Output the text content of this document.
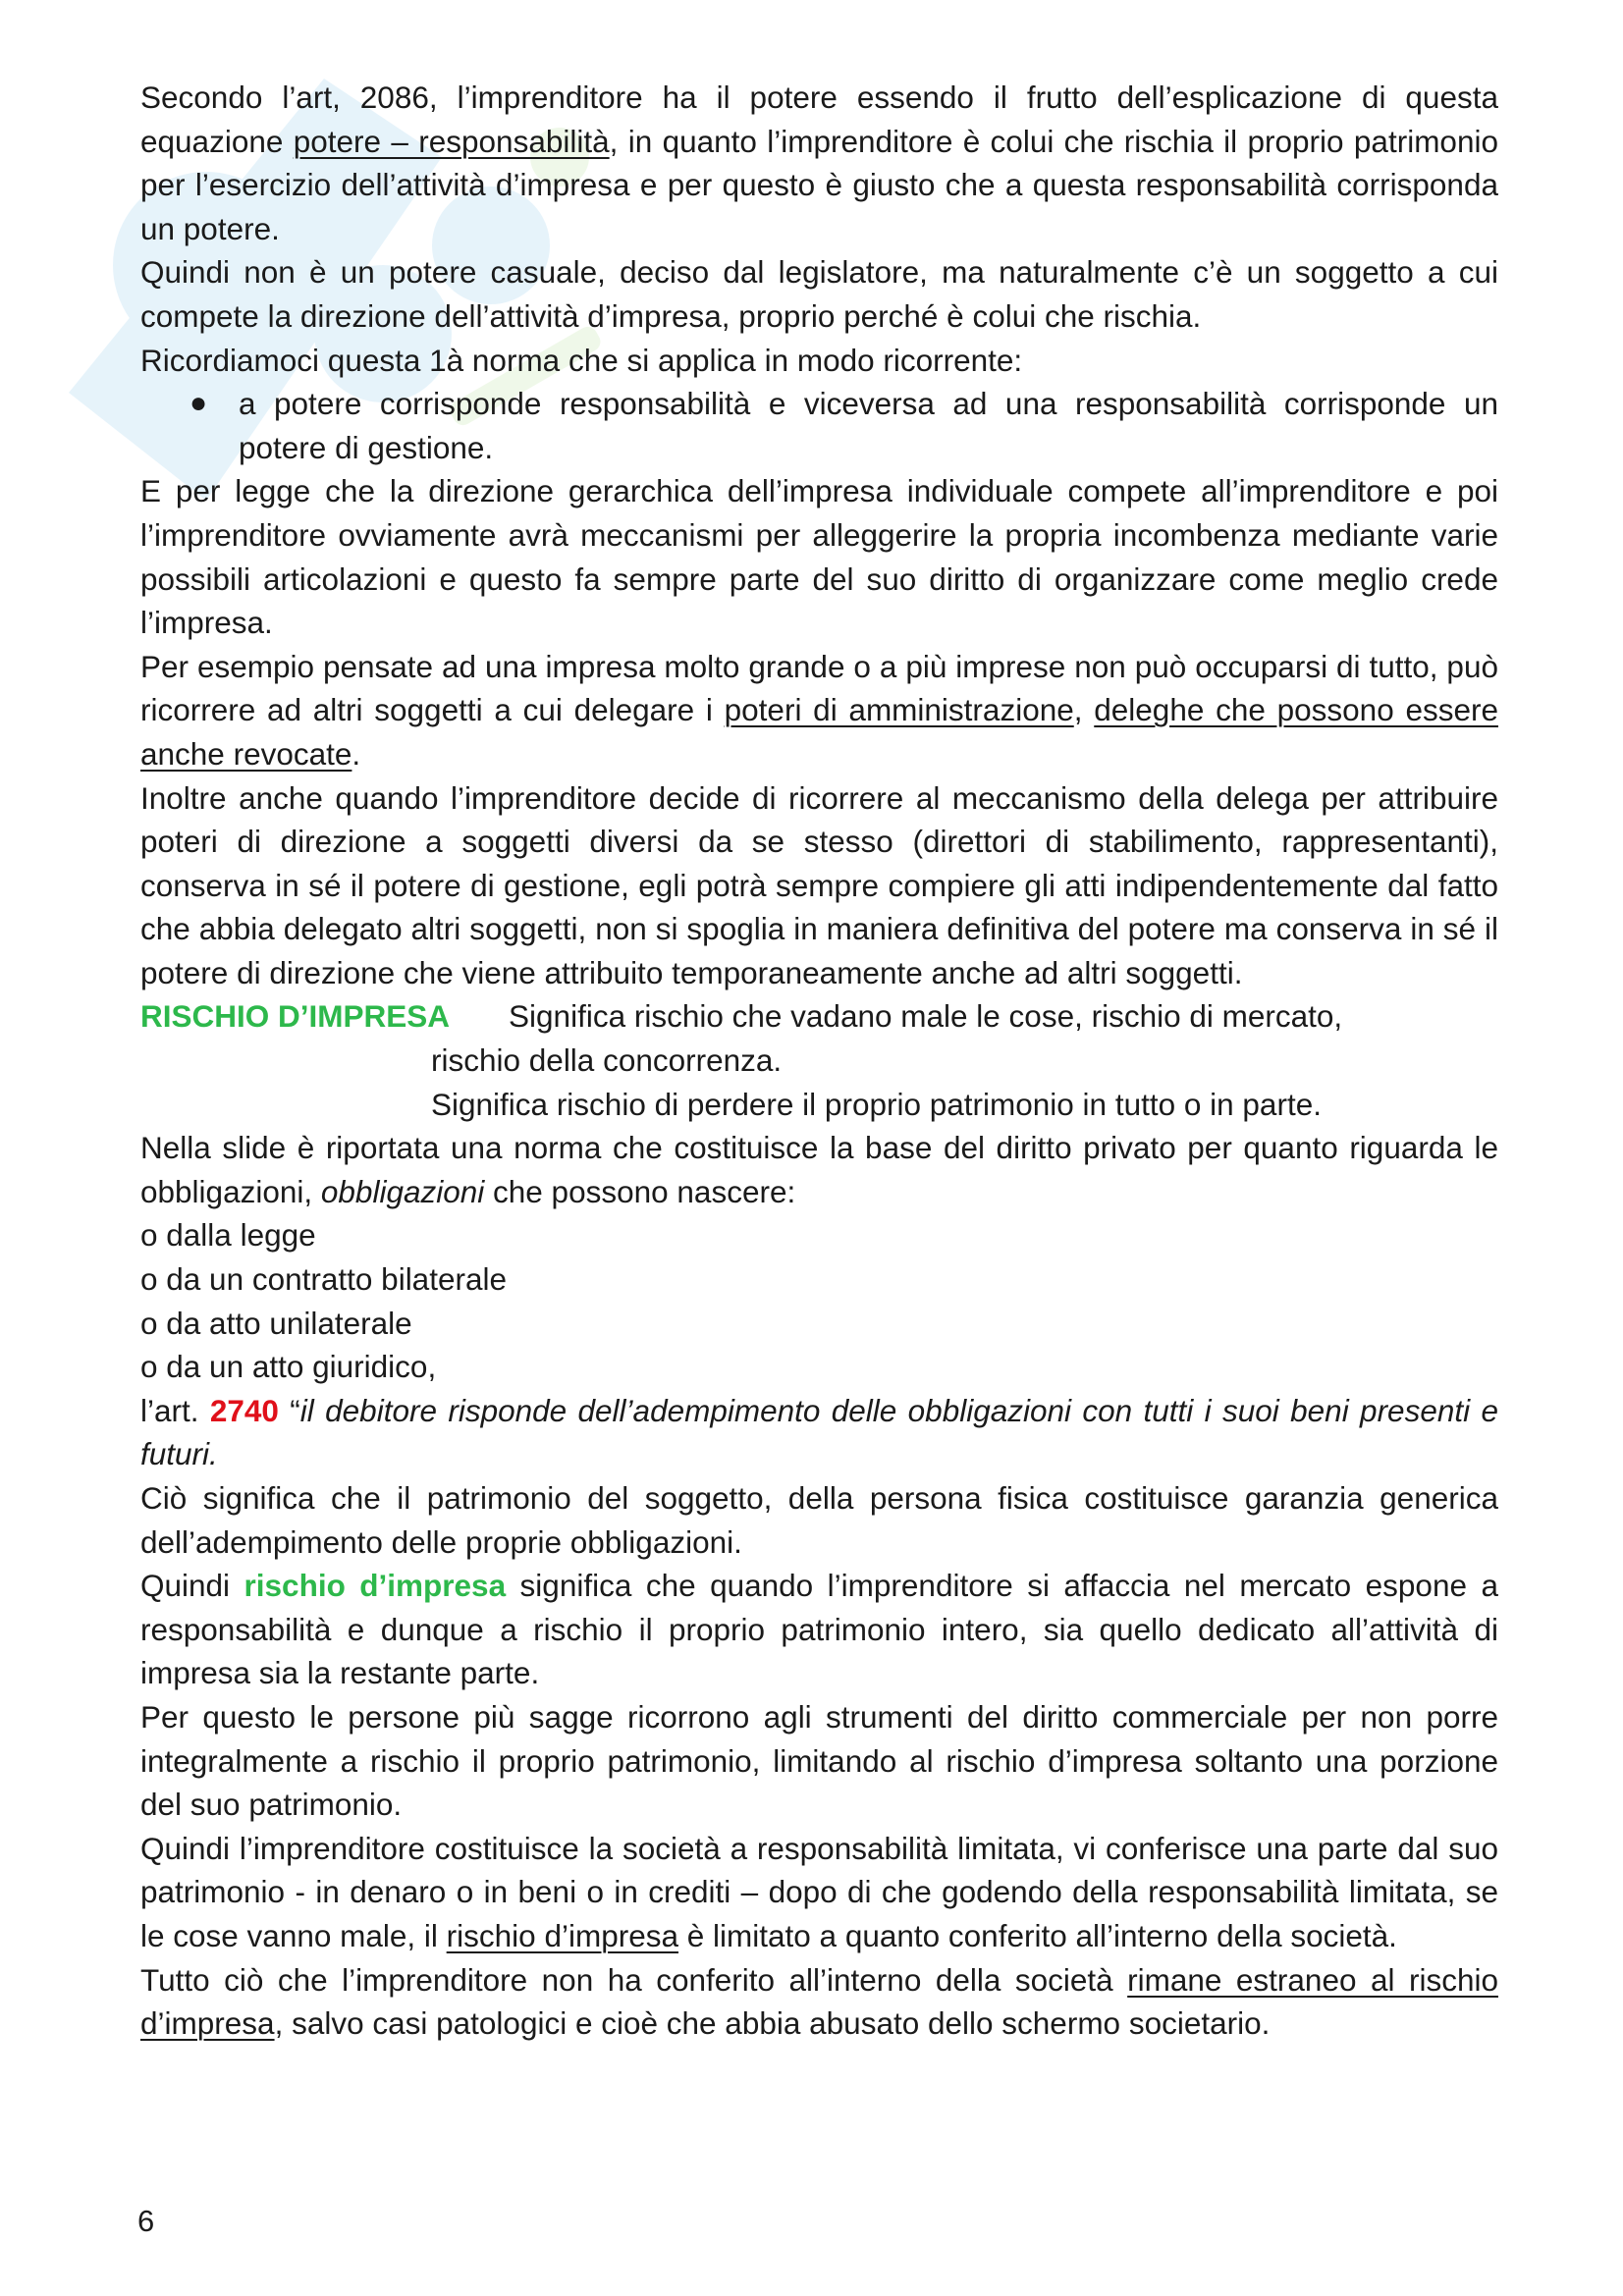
Secondo l’art, 2086, l’imprenditore ha il potere essendo il frutto dell’esplicazione di questa equazione potere – responsabilità, in quanto l’imprenditore è colui che rischia il proprio patrimonio per l’esercizio dell’attività d’impresa e per questo è giusto che a questa responsabilità corrisponda un potere.

Quindi non è un potere casuale, deciso dal legislatore, ma naturalmente c’è un soggetto a cui compete la direzione dell’attività d’impresa, proprio perché è colui che rischia.

Ricordiamoci questa 1à norma che si applica in modo ricorrente:

●	a potere corrisponde responsabilità e viceversa ad una responsabilità corrisponde un potere di gestione.

E per legge che la direzione gerarchica dell’impresa individuale compete all’imprenditore e poi l’imprenditore ovviamente avrà meccanismi per alleggerire la propria incombenza mediante varie possibili articolazioni e questo fa sempre parte del suo diritto di organizzare come meglio crede l’impresa.

Per esempio pensate ad una impresa molto grande o a più imprese non può occuparsi di tutto, può ricorrere ad altri soggetti a cui delegare i poteri di amministrazione, deleghe che possono essere anche revocate.

Inoltre anche quando l’imprenditore decide di ricorrere al meccanismo della delega per attribuire poteri di direzione a soggetti diversi da se stesso (direttori di stabilimento, rappresentanti), conserva in sé il potere di gestione, egli potrà sempre compiere gli atti indipendentemente dal fatto che abbia delegato altri soggetti, non si spoglia in maniera definitiva del potere ma conserva in sé il potere di direzione che viene attribuito temporaneamente anche ad altri soggetti.

RISCHIO D’IMPRESA Significa rischio che vadano male le cose, rischio di mercato,

rischio della concorrenza.

Significa rischio di perdere il proprio patrimonio in tutto o in parte.

Nella slide è riportata una norma che costituisce la base del diritto privato per quanto riguarda le obbligazioni, obbligazioni che possono nascere:

o dalla legge

o da un contratto bilaterale

o da atto unilaterale

o da un atto giuridico,

l’art. 2740 “il debitore risponde dell’adempimento delle obbligazioni con tutti i suoi beni presenti e futuri.

Ciò significa che il patrimonio del soggetto, della persona fisica costituisce garanzia generica dell’adempimento delle proprie obbligazioni.

Quindi rischio d’impresa significa che quando l’imprenditore si affaccia nel mercato espone a responsabilità e dunque a rischio il proprio patrimonio intero, sia quello dedicato all’attività di impresa sia la restante parte.

Per questo le persone più sagge ricorrono agli strumenti del diritto commerciale per non porre integralmente a rischio il proprio patrimonio, limitando al rischio d’impresa soltanto una porzione del suo patrimonio.

Quindi l’imprenditore costituisce la società a responsabilità limitata, vi conferisce una parte dal suo patrimonio - in denaro o in beni o in crediti – dopo di che godendo della responsabilità limitata, se le cose vanno male, il rischio d’impresa è limitato a quanto conferito all’interno della società.

Tutto ciò che l’imprenditore non ha conferito all’interno della società rimane estraneo al rischio d’impresa, salvo casi patologici e cioè che abbia abusato dello schermo societario.

6
